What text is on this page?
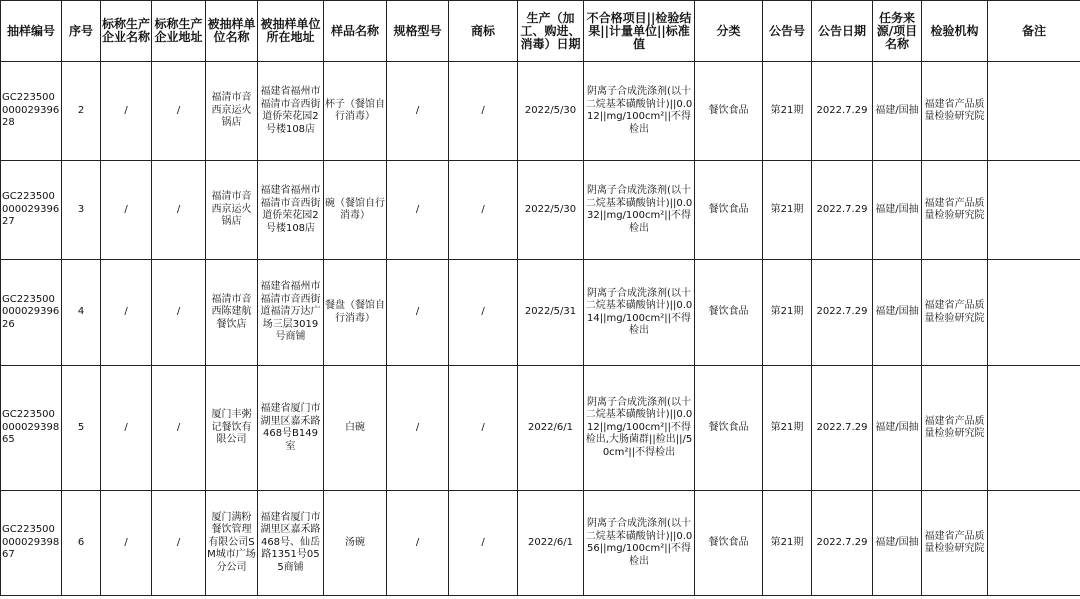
抽样编号	序号	标称生产企业名称	标称生产企业地址	被抽样单位名称	被抽样单位所在地址	样品名称	规格型号	商标	生产（加工、购进、消毒）日期	不合格项目||检验结果||计量单位||标准值	分类	公告号	公告日期	任务来源/项目名称	检验机构	备注
GC22350000002939628	2	/	/	福清市音西京运火锅店	福建省福州市福清市音西街道侨荣花园2号楼108店	杯子（餐馆自行消毒）	/	/	2022/5/30	阴离子合成洗涤剂(以十二烷基苯磺酸钠计)||0.012||mg/100cm²||不得检出	餐饮食品	第21期	2022.7.29	福建/国抽	福建省产品质量检验研究院	
GC22350000002939627	3	/	/	福清市音西京运火锅店	福建省福州市福清市音西街道侨荣花园2号楼108店	碗（餐馆自行消毒）	/	/	2022/5/30	阴离子合成洗涤剂(以十二烷基苯磺酸钠计)||0.032||mg/100cm²||不得检出	餐饮食品	第21期	2022.7.29	福建/国抽	福建省产品质量检验研究院	
GC22350000002939626	4	/	/	福清市音西陈建航餐饮店	福建省福州市福清市音西街道福清万达广场三层3019号商铺	餐盘（餐馆自行消毒）	/	/	2022/5/31	阴离子合成洗涤剂(以十二烷基苯磺酸钠计)||0.014||mg/100cm²||不得检出	餐饮食品	第21期	2022.7.29	福建/国抽	福建省产品质量检验研究院	
GC22350000002939865	5	/	/	厦门丰粥记餐饮有限公司	福建省厦门市湖里区嘉禾路468号B149室	白碗	/	/	2022/6/1	阴离子合成洗涤剂(以十二烷基苯磺酸钠计)||0.012||mg/100cm²||不得检出,大肠菌群||检出||/50cm²||不得检出	餐饮食品	第21期	2022.7.29	福建/国抽	福建省产品质量检验研究院	
GC22350000002939867	6	/	/	厦门满粉餐饮管理有限公司SM城市广场分公司	福建省厦门市湖里区嘉禾路468号、仙岳路1351号055商铺	汤碗	/	/	2022/6/1	阴离子合成洗涤剂(以十二烷基苯磺酸钠计)||0.056||mg/100cm²||不得检出	餐饮食品	第21期	2022.7.29	福建/国抽	福建省产品质量检验研究院	
